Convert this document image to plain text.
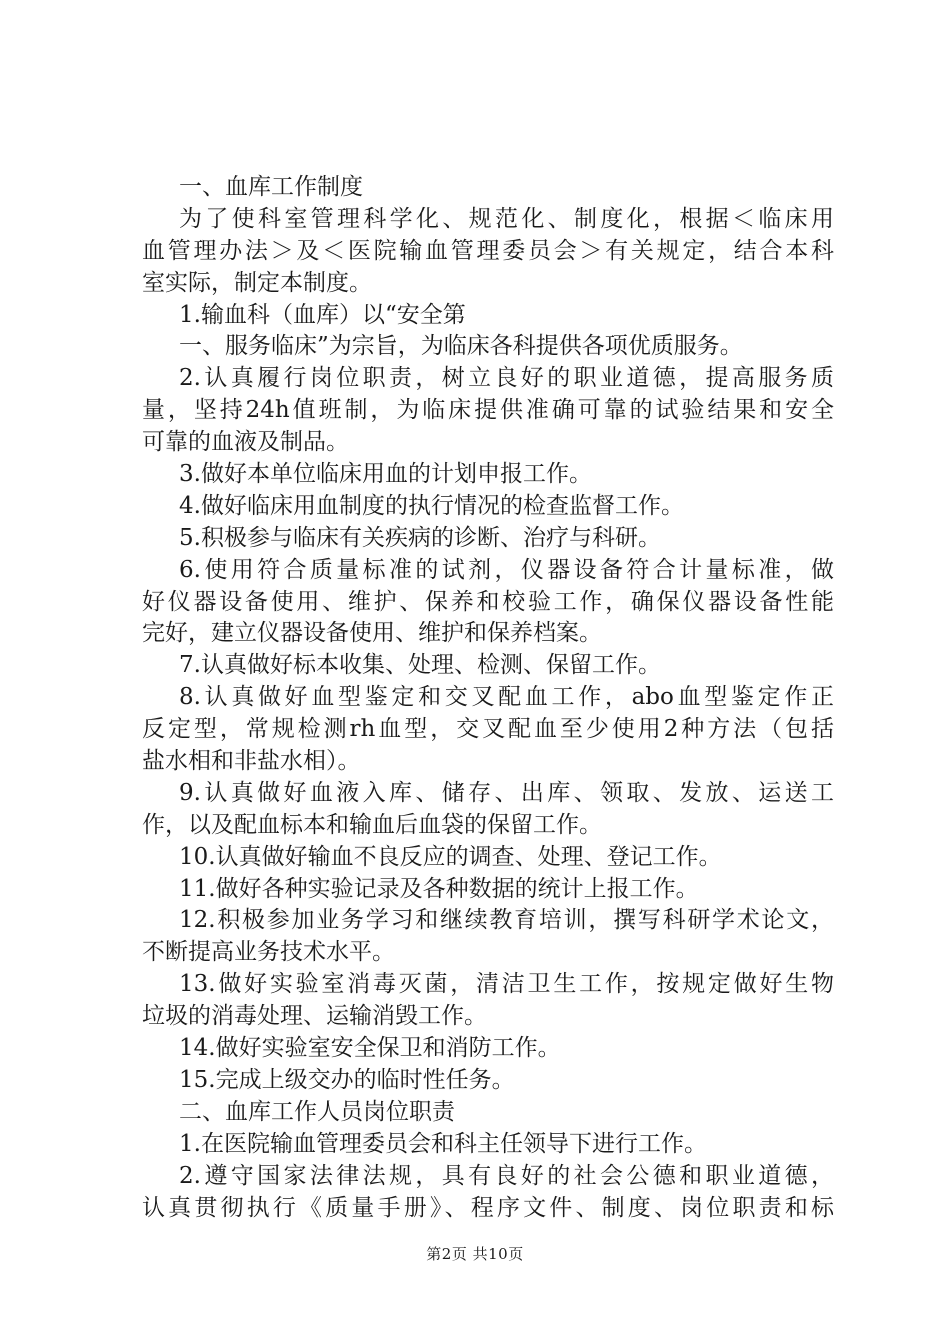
一、血库工作制度
为了使科室管理科学化、规范化、制度化，根据＜临床用
血管理办法＞及＜医院输血管理委员会＞有关规定，结合本科
室实际，制定本制度。
1.输血科（血库）以“安全第
一、服务临床”为宗旨，为临床各科提供各项优质服务。
2.认真履行岗位职责，树立良好的职业道德，提高服务质
量，坚持24h值班制，为临床提供准确可靠的试验结果和安全
可靠的血液及制品。
3.做好本单位临床用血的计划申报工作。
4.做好临床用血制度的执行情况的检查监督工作。
5.积极参与临床有关疾病的诊断、治疗与科研。
6.使用符合质量标准的试剂，仪器设备符合计量标准，做
好仪器设备使用、维护、保养和校验工作，确保仪器设备性能
完好，建立仪器设备使用、维护和保养档案。
7.认真做好标本收集、处理、检测、保留工作。
8.认真做好血型鉴定和交叉配血工作，abo血型鉴定作正
反定型，常规检测rh血型，交叉配血至少使用2种方法（包括
盐水相和非盐水相）。
9.认真做好血液入库、储存、出库、领取、发放、运送工
作，以及配血标本和输血后血袋的保留工作。
10.认真做好输血不良反应的调查、处理、登记工作。
11.做好各种实验记录及各种数据的统计上报工作。
12.积极参加业务学习和继续教育培训，撰写科研学术论文，
不断提高业务技术水平。
13.做好实验室消毒灭菌，清洁卫生工作，按规定做好生物
垃圾的消毒处理、运输消毁工作。
14.做好实验室安全保卫和消防工作。
15.完成上级交办的临时性任务。
二、血库工作人员岗位职责
1.在医院输血管理委员会和科主任领导下进行工作。
2.遵守国家法律法规，具有良好的社会公德和职业道德，
认真贯彻执行《质量手册》、程序文件、制度、岗位职责和标
第2页 共10页
